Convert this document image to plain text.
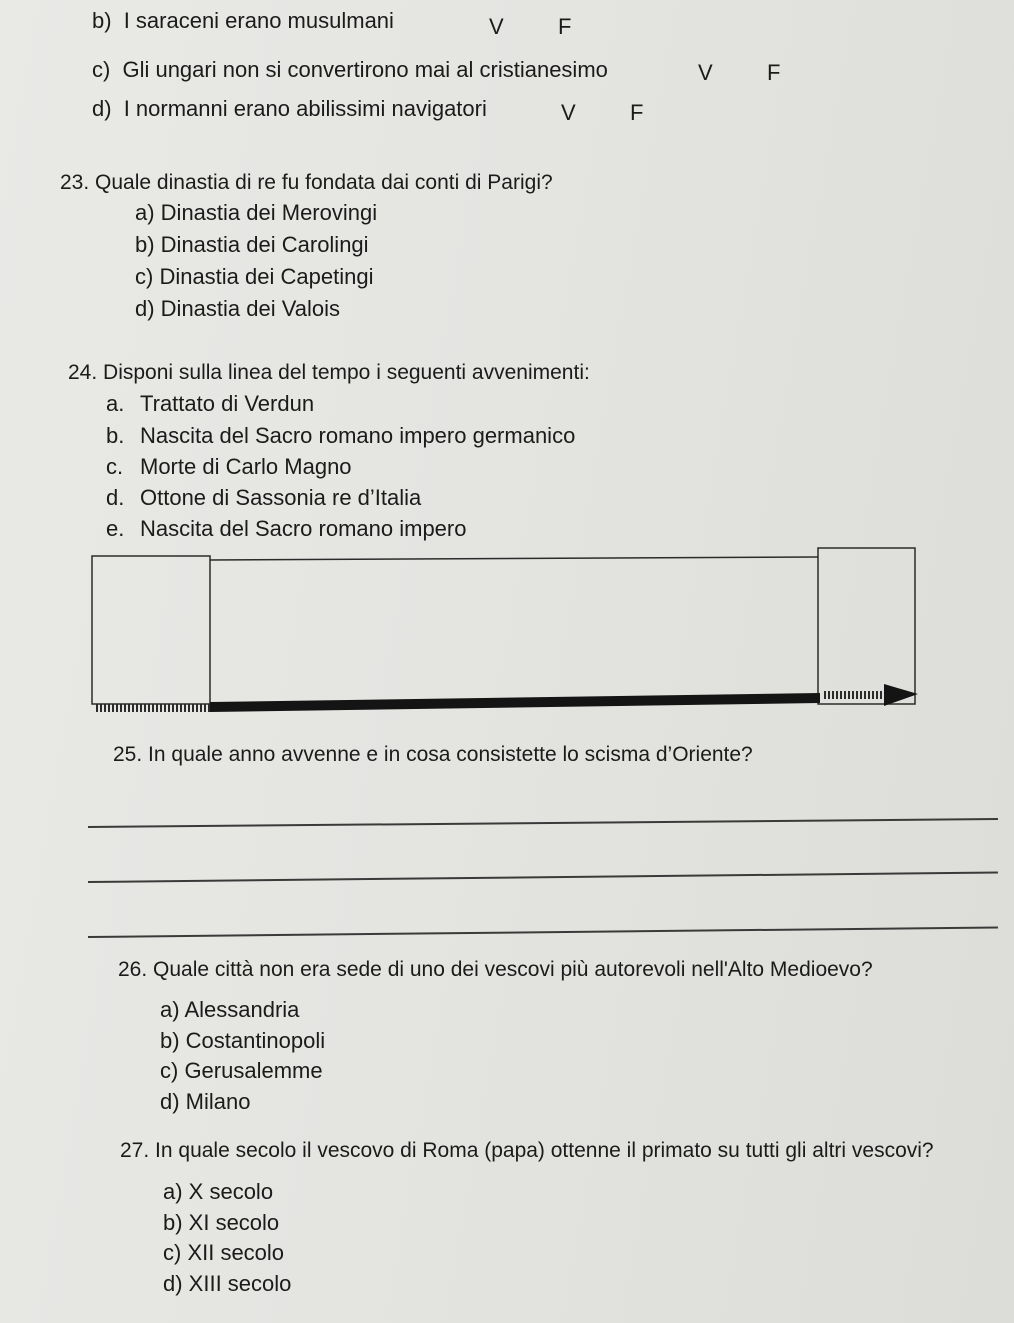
b) I saraceni erano musulmani	V F
c) Gli ungari non si convertirono mai al cristianesimo	V F
d) I normanni erano abilissimi navigatori	V F
23. Quale dinastia di re fu fondata dai conti di Parigi?
a) Dinastia dei Merovingi
b) Dinastia dei Carolingi
c) Dinastia dei Capetingi
d) Dinastia dei Valois
24. Disponi sulla linea del tempo i seguenti avvenimenti:
a. Trattato di Verdun
b. Nascita del Sacro romano impero germanico
c. Morte di Carlo Magno
d. Ottone di Sassonia re d’Italia
e. Nascita del Sacro romano impero
25. In quale anno avvenne e in cosa consistette lo scisma d’Oriente?
26. Quale città non era sede di uno dei vescovi più autorevoli nell'Alto Medioevo?
a) Alessandria
b) Costantinopoli
c) Gerusalemme
d) Milano
27. In quale secolo il vescovo di Roma (papa) ottenne il primato su tutti gli altri vescovi?
a) X secolo
b) XI secolo
c) XII secolo
d) XIII secolo
